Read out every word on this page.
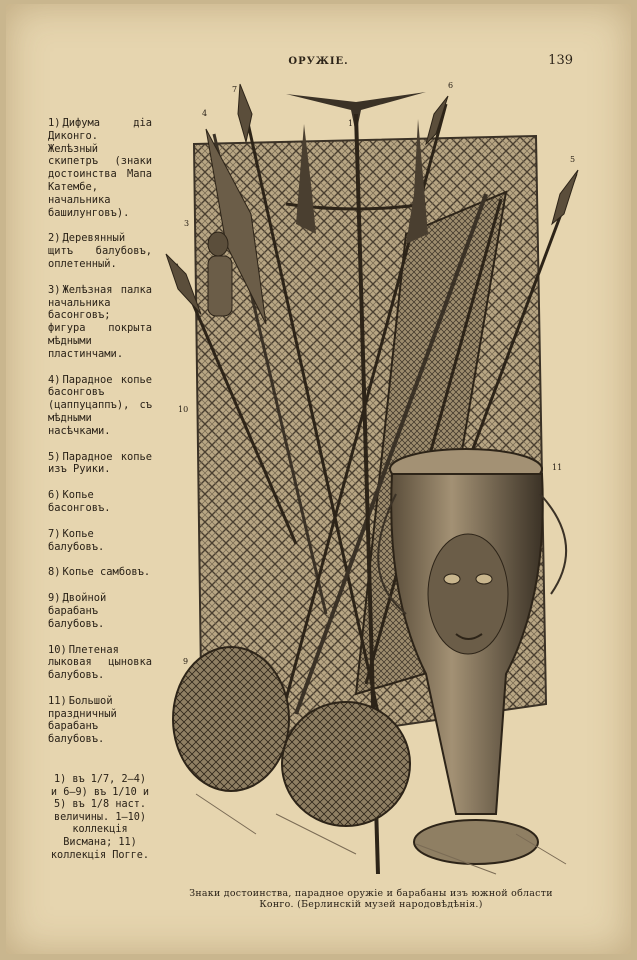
ОРУЖІЕ.	139
1) Дифума діа Диконго. Желѣзный скипетръ (знаки достоинства Мапа Катембе, начальника башилунговъ).
2) Деревянный щитъ балубовъ, оплетенный.
3) Желѣзная палка начальника басонговъ; фигура покрыта мѣдными пластинчами.
4) Парадное копье басонговъ (цаппуцаппъ), съ мѣдными насѣчками.
5) Парадное копье изъ Руики.
6) Копье басонговъ.
7) Копье балубовъ.
8) Копье самбовъ.
9) Двойной барабанъ балубовъ.
10) Плетеная лыковая цыновка балубовъ.
11) Большой праздничный барабанъ балубовъ.
1) въ 1/7, 2—4) и 6—9) въ 1/10 и 5) въ 1/8 наст. величины. 1—10) коллекція Висмана; 11) коллекція Погге.
1
3
4
5
6
7
9
10
11
Знаки достоинства, парадное оружіе и барабаны изъ южной области
Конго. (Берлинскій музей народовѣдѣнія.)
